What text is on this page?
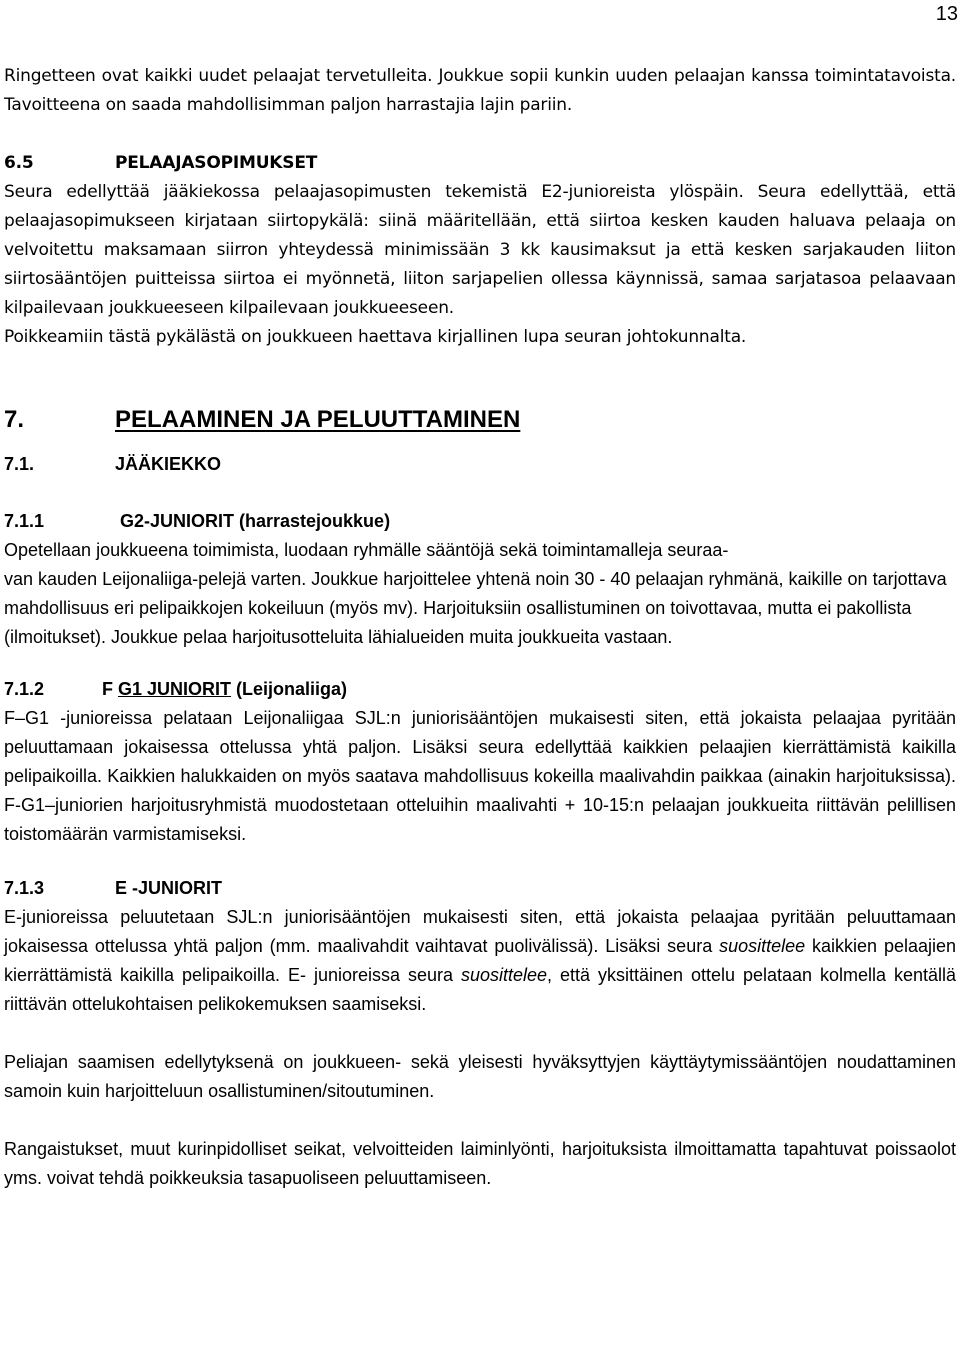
13

Ringetteen ovat kaikki uudet pelaajat tervetulleita. Joukkue sopii kunkin uuden pelaajan kanssa toimintatavoista. Tavoitteena on saada mahdollisimman paljon harrastajia lajin pariin.

6.5	PELAAJASOPIMUKSET

Seura edellyttää jääkiekossa pelaajasopimusten tekemistä E2-junioreista ylöspäin. Seura edellyttää, että pelaajasopimukseen kirjataan siirtopykälä: siinä määritellään, että siirtoa kesken kauden haluava pelaaja on velvoitettu maksamaan siirron yhteydessä minimissään 3 kk kausimaksut ja että kesken sarjakauden liiton siirtosääntöjen puitteissa siirtoa ei myönnetä, liiton sarjapelien ollessa käynnissä, samaa sarjatasoa pelaavaan kilpailevaan joukkueeseen kilpailevaan joukkueeseen.

Poikkeamiin tästä pykälästä on joukkueen haettava kirjallinen lupa seuran johtokunnalta.

7.	PELAAMINEN JA PELUUTTAMINEN
7.1.	JÄÄKIEKKO
7.1.1	G2-JUNIORIT (harrastejoukkue)

Opetellaan joukkueena toimimista, luodaan ryhmälle sääntöjä sekä toimintamalleja seuraa-

van kauden Leijonaliiga-pelejä varten. Joukkue harjoittelee yhtenä noin 30 - 40 pelaajan ryhmänä, kaikille on tarjottava mahdollisuus eri pelipaikkojen kokeiluun (myös mv). Harjoituksiin osallistuminen on toivottavaa, mutta ei pakollista (ilmoitukset). Joukkue pelaa harjoitusotteluita lähialueiden muita joukkueita vastaan.

7.1.2	F G1 JUNIORIT (Leijonaliiga)

F–G1 -junioreissa pelataan Leijonaliigaa SJL:n juniorisääntöjen mukaisesti siten, että jokaista pelaajaa pyritään peluuttamaan jokaisessa ottelussa yhtä paljon. Lisäksi seura edellyttää kaikkien pelaajien kierrättämistä kaikilla pelipaikoilla. Kaikkien halukkaiden on myös saatava mahdollisuus kokeilla maalivahdin paikkaa (ainakin harjoituksissa). F-G1–juniorien harjoitusryhmistä muodostetaan otteluihin maalivahti + 10-15:n pelaajan joukkueita riittävän pelillisen toistomäärän varmistamiseksi.

7.1.3	E -JUNIORIT

E-junioreissa peluutetaan SJL:n juniorisääntöjen mukaisesti siten, että jokaista pelaajaa pyritään peluuttamaan jokaisessa ottelussa yhtä paljon (mm. maalivahdit vaihtavat puolivälissä). Lisäksi seura suosittelee kaikkien pelaajien kierrättämistä kaikilla pelipaikoilla. E- junioreissa seura suosittelee, että yksittäinen ottelu pelataan kolmella kentällä riittävän ottelukohtaisen pelikokemuksen saamiseksi.

Peliajan saamisen edellytyksenä on joukkueen- sekä yleisesti hyväksyttyjen käyttäytymissääntöjen noudattaminen samoin kuin harjoitteluun osallistuminen/sitoutuminen.

Rangaistukset, muut kurinpidolliset seikat, velvoitteiden laiminlyönti, harjoituksista ilmoittamatta tapahtuvat poissaolot yms. voivat tehdä poikkeuksia tasapuoliseen peluuttamiseen.
